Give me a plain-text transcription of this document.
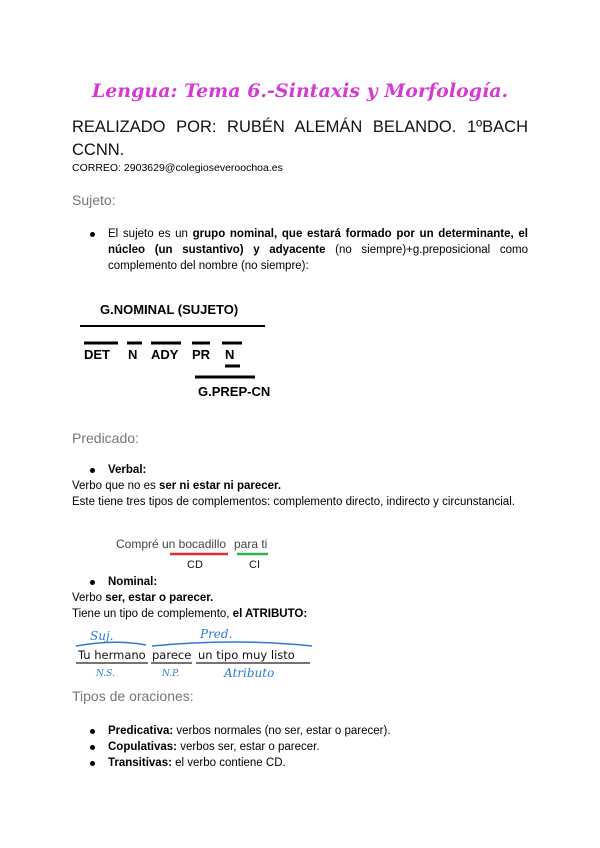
Lengua: Tema 6.-Sintaxis y Morfología.
REALIZADO POR: RUBÉN ALEMÁN BELANDO. 1ºBACH CCNN.
CORREO: 2903629@colegioseveroochoa.es
Sujeto:
El sujeto es un grupo nominal, que estará formado por un determinante, el núcleo (un sustantivo) y adyacente (no siempre)+g.preposicional como complemento del nombre (no siempre):
G.NOMINAL (SUJETO)
DET N ADY PR N
G.PREP-CN
Predicado:
Verbal:
Verbo que no es ser ni estar ni parecer.
Este tiene tres tipos de complementos: complemento directo, indirecto y circunstancial.
Compré un bocadillo para ti
CD	CI
Nominal:
Verbo ser, estar o parecer.
Tiene un tipo de complemento, el ATRIBUTO:
Suj.	Pred.
Tu hermano parece un tipo muy listo
N.S.	N.P.	Atributo
Tipos de oraciones:
Predicativa: verbos normales (no ser, estar o parecer).
Copulativas: verbos ser, estar o parecer.
Transitivas: el verbo contiene CD.
